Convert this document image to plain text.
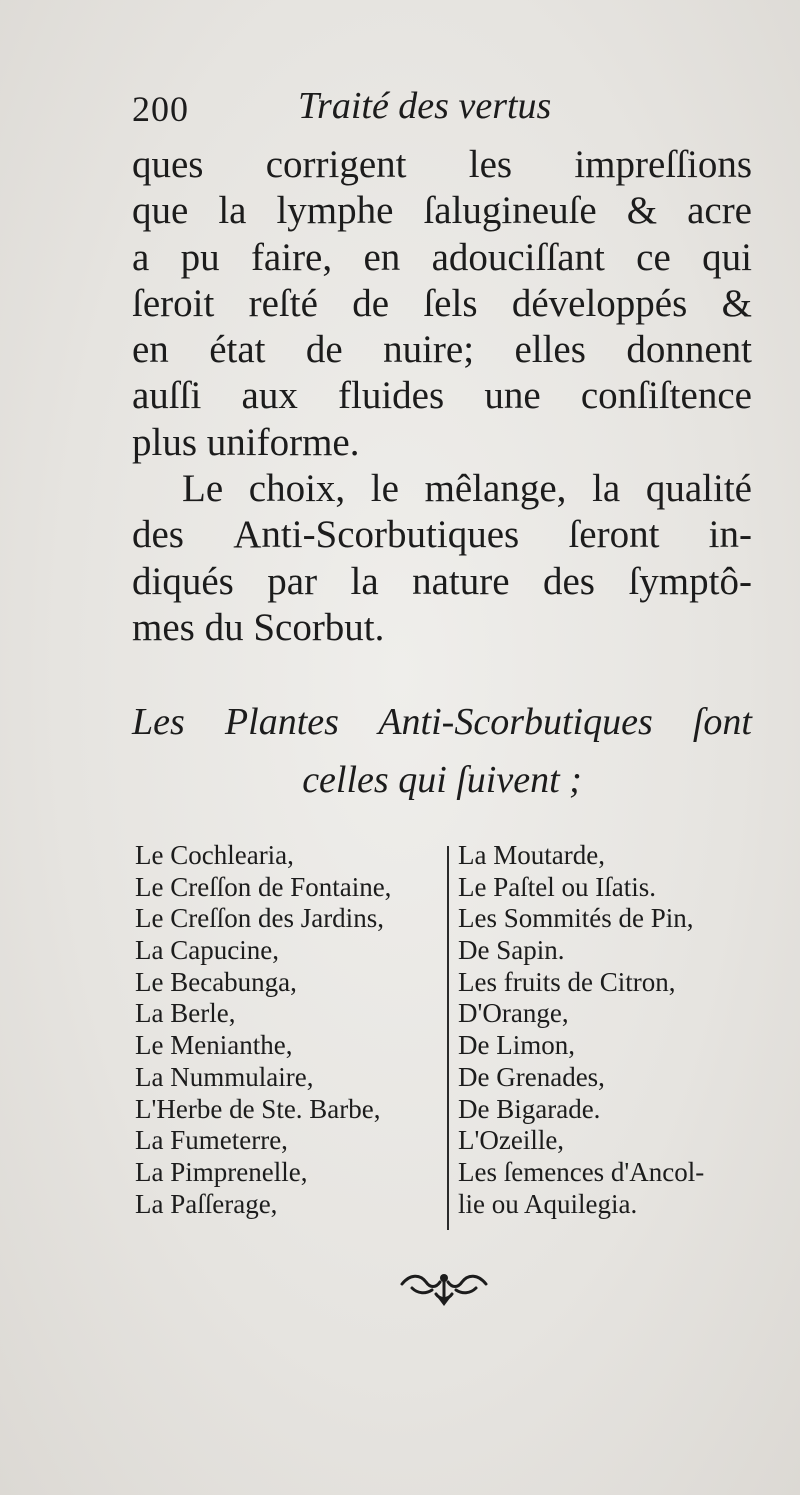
200	Traité des vertus
ques corrigent les impreſſions
que la lymphe ſalugineuſe & acre
a pu faire, en adouciſſant ce qui
ſeroit reſté de ſels développés &
en état de nuire; elles donnent
auſſi aux fluides une conſiſtence
plus uniforme.
Le choix, le mêlange, la qualité
des Anti-Scorbutiques ſeront in-
diqués par la nature des ſymptô-
mes du Scorbut.
Les Plantes Anti-Scorbutiques ſont
celles qui ſuivent ;
Le Cochlearia,
Le Creſſon de Fontaine,
Le Creſſon des Jardins,
La Capucine,
Le Becabunga,
La Berle,
Le Menianthe,
La Nummulaire,
L'Herbe de Ste. Barbe,
La Fumeterre,
La Pimprenelle,
La Paſſerage,
La Moutarde,
Le Paſtel ou Iſatis.
Les Sommités de Pin,
De Sapin.
Les fruits de Citron,
D'Orange,
De Limon,
De Grenades,
De Bigarade.
L'Ozeille,
Les ſemences d'Ancol-
lie ou Aquilegia.
